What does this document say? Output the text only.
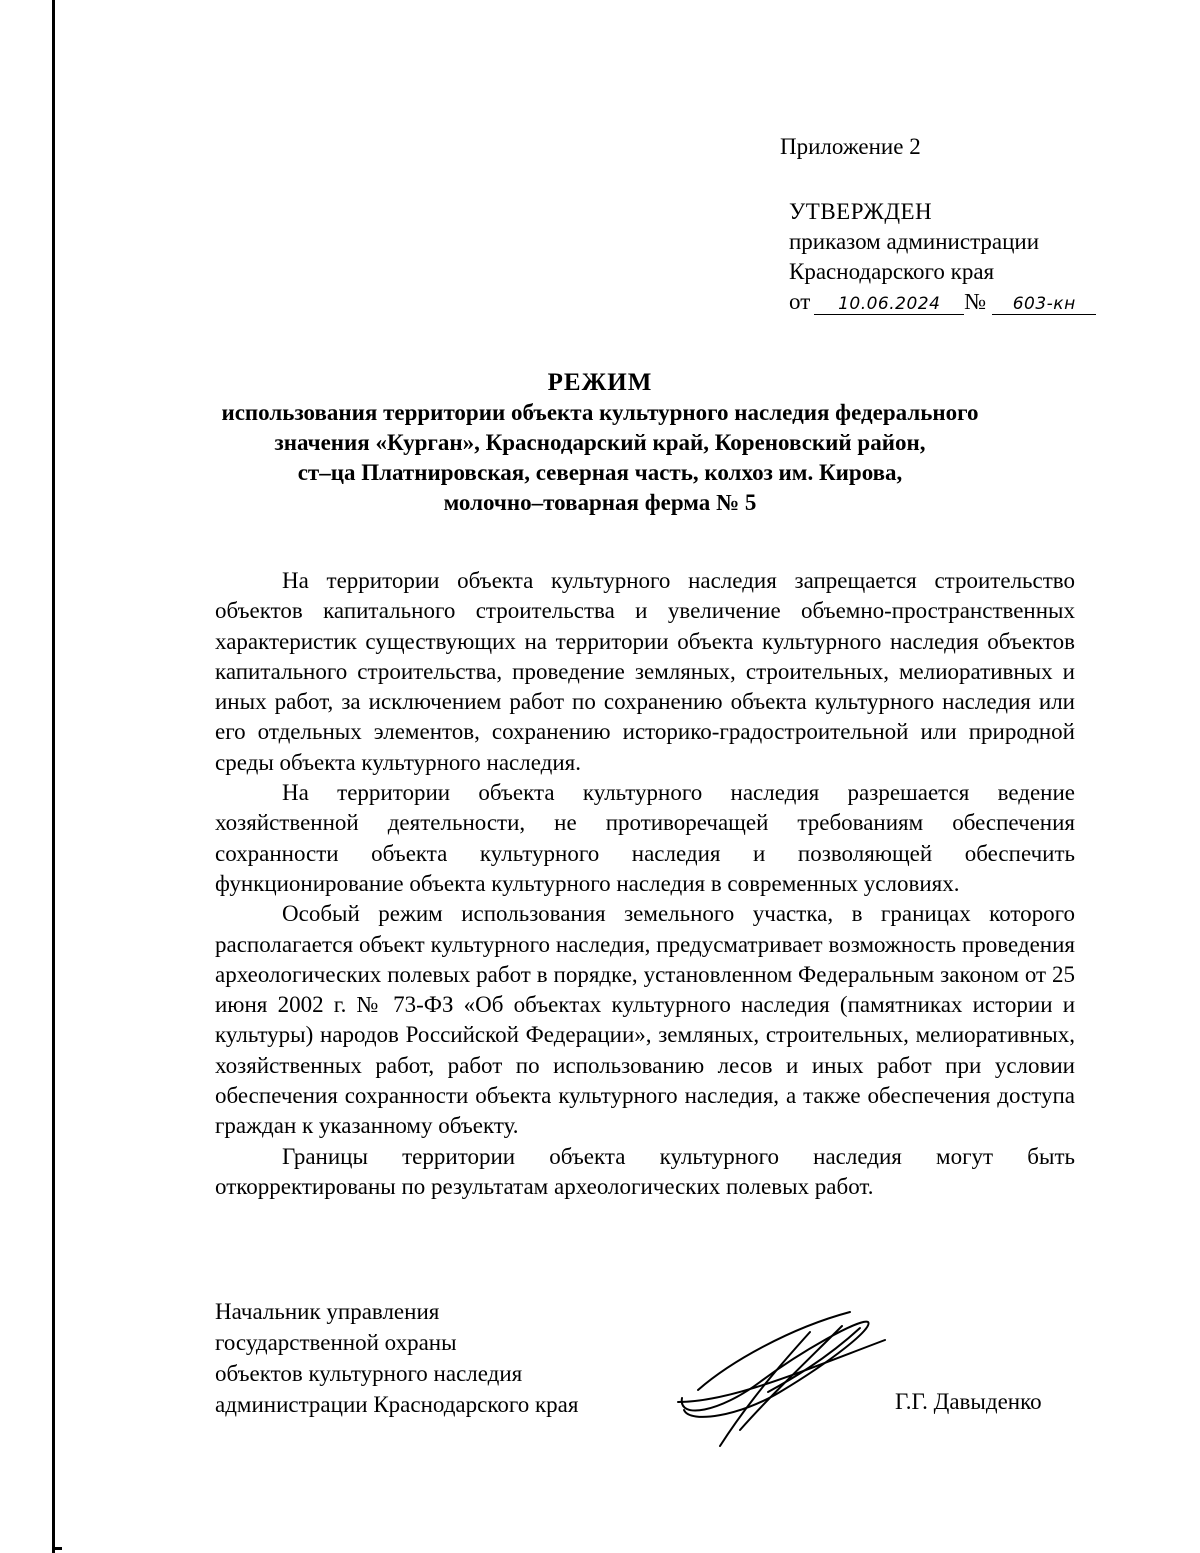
Приложение 2
УТВЕРЖДЕН
приказом администрации
Краснодарского края
от 10.06.2024 № 603-кн
РЕЖИМ
использования территории объекта культурного наследия федерального
значения «Курган», Краснодарский край, Кореновский район,
ст–ца Платнировская, северная часть, колхоз им. Кирова,
молочно–товарная ферма № 5

На территории объекта культурного наследия запрещается строительство объектов капитального строительства и увеличение объемно-пространственных характеристик существующих на территории объекта культурного наследия объектов капитального строительства, проведение земляных, строительных, мелиоративных и иных работ, за исключением работ по сохранению объекта культурного наследия или его отдельных элементов, сохранению историко-градостроительной или природной среды объекта культурного наследия.

На территории объекта культурного наследия разрешается ведение хозяйственной деятельности, не противоречащей требованиям обеспечения сохранности объекта культурного наследия и позволяющей обеспечить функционирование объекта культурного наследия в современных условиях.

Особый режим использования земельного участка, в границах которого располагается объект культурного наследия, предусматривает возможность проведения археологических полевых работ в порядке, установленном Федеральным законом от 25 июня 2002 г. № 73-ФЗ «Об объектах культурного наследия (памятниках истории и культуры) народов Российской Федерации», земляных, строительных, мелиоративных, хозяйственных работ, работ по использованию лесов и иных работ при условии обеспечения сохранности объекта культурного наследия, а также обеспечения доступа граждан к указанному объекту.

Границы территории объекта культурного наследия могут быть откорректированы по результатам археологических полевых работ.

Начальник управления
государственной охраны
объектов культурного наследия
администрации Краснодарского края	Г.Г. Давыденко
